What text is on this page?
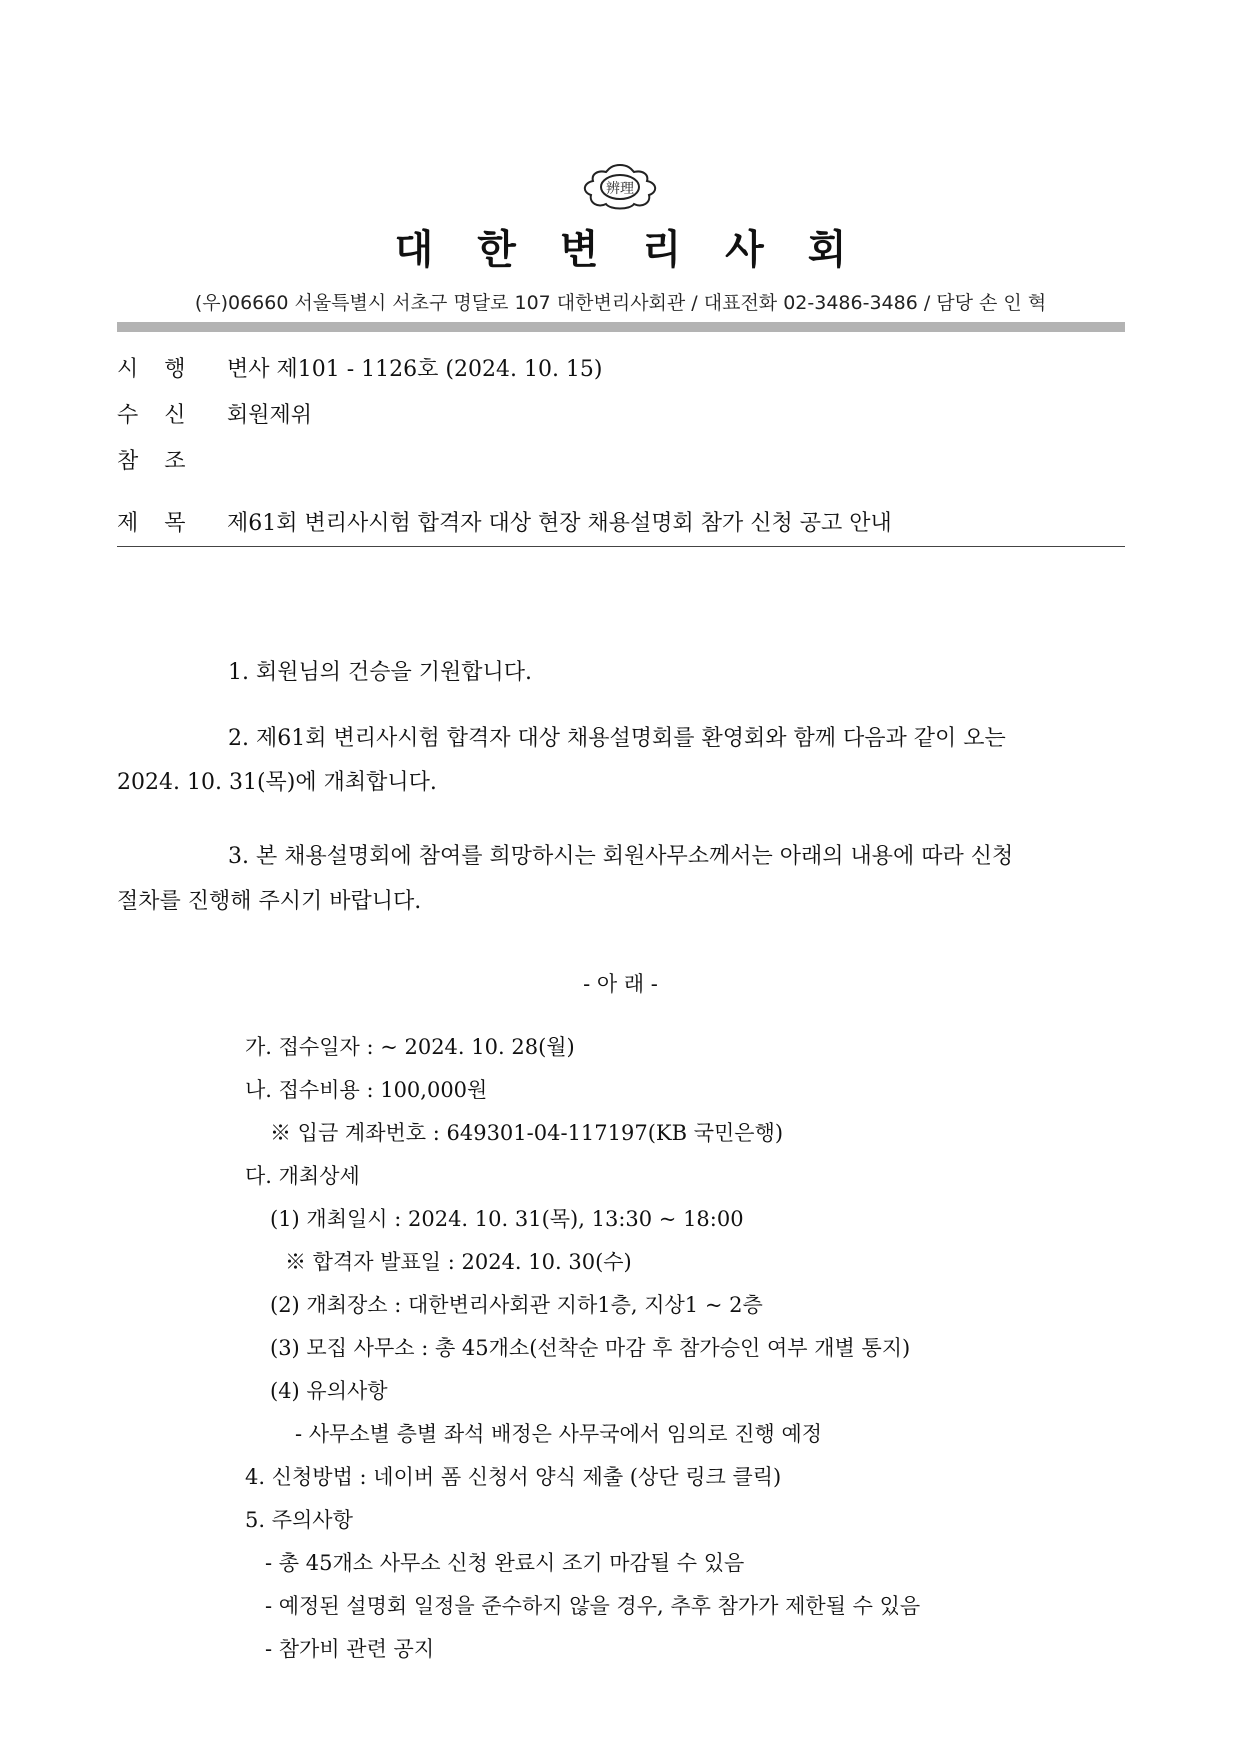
辨理
대한변리사회
(우)06660 서울특별시 서초구 명달로 107 대한변리사회관 / 대표전화 02-3486-3486 / 담당 손 인 혁
시행 변사 제101 - 1126호 (2024. 10. 15)
수신 회원제위
참조
제목 제61회 변리사시험 합격자 대상 현장 채용설명회 참가 신청 공고 안내
1. 회원님의 건승을 기원합니다.
2. 제61회 변리사시험 합격자 대상 채용설명회를 환영회와 함께 다음과 같이 오는
2024. 10. 31(목)에 개최합니다.
3. 본 채용설명회에 참여를 희망하시는 회원사무소께서는 아래의 내용에 따라 신청
절차를 진행해 주시기 바랍니다.
- 아 래 -
가. 접수일자 : ~ 2024. 10. 28(월)
나. 접수비용 : 100,000원
※ 입금 계좌번호 : 649301-04-117197(KB 국민은행)
다. 개최상세
(1) 개최일시 : 2024. 10. 31(목), 13:30 ~ 18:00
※ 합격자 발표일 : 2024. 10. 30(수)
(2) 개최장소 : 대한변리사회관 지하1층, 지상1 ~ 2층
(3) 모집 사무소 : 총 45개소(선착순 마감 후 참가승인 여부 개별 통지)
(4) 유의사항
- 사무소별 층별 좌석 배정은 사무국에서 임의로 진행 예정
4. 신청방법 : 네이버 폼 신청서 양식 제출 (상단 링크 클릭)
5. 주의사항
- 총 45개소 사무소 신청 완료시 조기 마감될 수 있음
- 예정된 설명회 일정을 준수하지 않을 경우, 추후 참가가 제한될 수 있음
- 참가비 관련 공지
